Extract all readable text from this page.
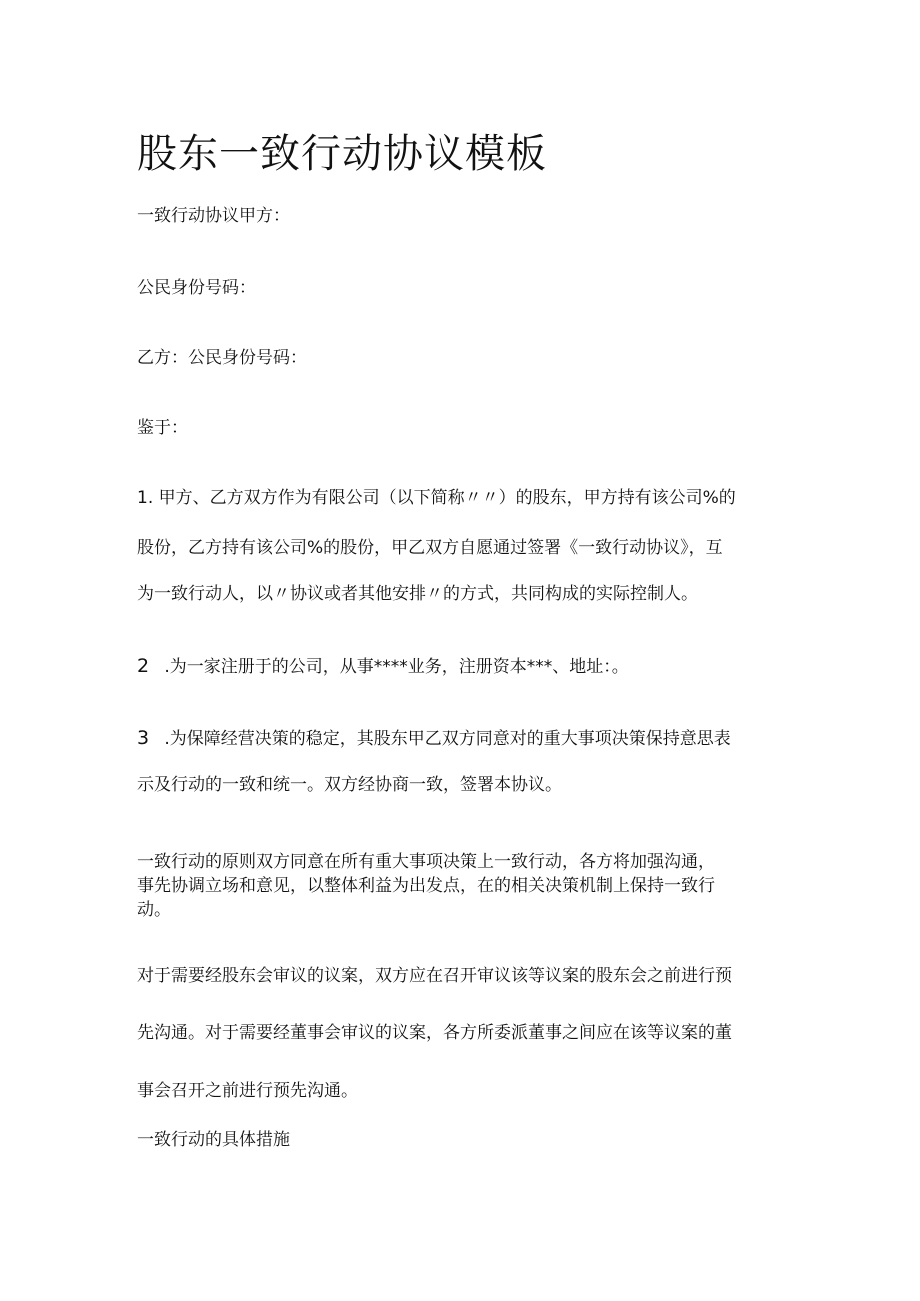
股东一致行动协议模板

一致行动协议甲方：

公民身份号码：

乙方：公民身份号码：

鉴于：

1. 甲方、乙方双方作为有限公司（以下简称〃〃）的股东，甲方持有该公司%的

股份，乙方持有该公司%的股份，甲乙双方自愿通过签署《一致行动协议》，互

为一致行动人，以〃协议或者其他安排〃的方式，共同构成的实际控制人。

2 .为一家注册于的公司，从事****业务，注册资本***、地址：。

3 .为保障经营决策的稳定，其股东甲乙双方同意对的重大事项决策保持意思表

示及行动的一致和统一。双方经协商一致，签署本协议。

一致行动的原则双方同意在所有重大事项决策上一致行动，各方将加强沟通，

事先协调立场和意见，以整体利益为出发点，在的相关决策机制上保持一致行

动。

对于需要经股东会审议的议案，双方应在召开审议该等议案的股东会之前进行预

先沟通。对于需要经董事会审议的议案，各方所委派董事之间应在该等议案的董

事会召开之前进行预先沟通。

一致行动的具体措施
